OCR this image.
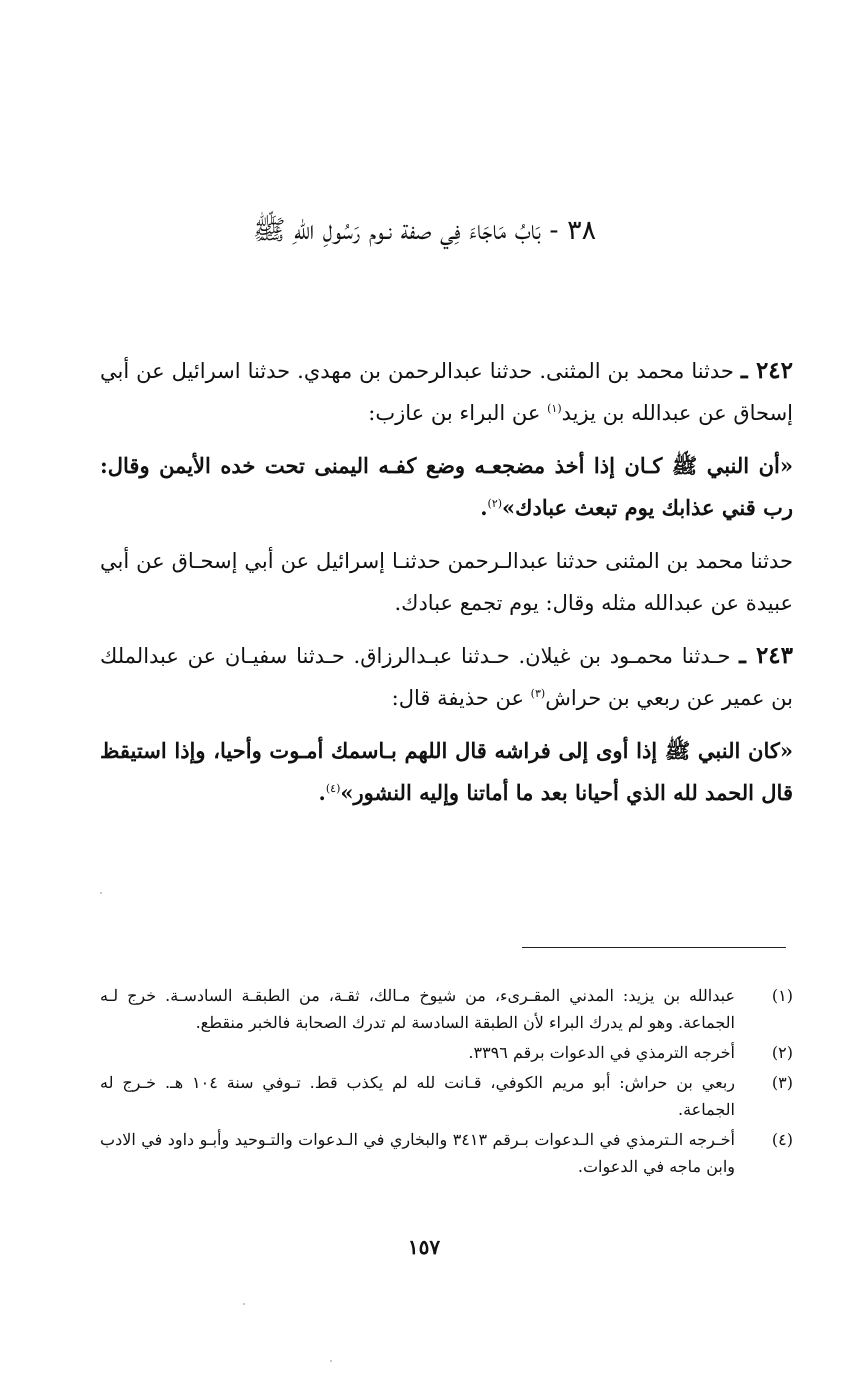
٣٨ - بَابُ مَاجَاءَ فِي صفة نـوم رَسُولِ اللّهِ ﷺ

٢٤٢ ـ حدثنا محمد بن المثنى. حدثنا عبدالرحمن بن مهدي. حدثنا اسرائيل عن أبي إسحاق عن عبدالله بن يزيد$^{(١)}$ عن البراء بن عازب:

«أن النبي ﷺ كـان إذا أخذ مضجعـه وضع كفـه اليمنى تحت خده الأيمن وقال: رب قني عذابك يوم تبعث عبادك»$^{(٢)}$.

حدثنا محمد بن المثنى حدثنا عبدالـرحمن حدثنـا إسرائيل عن أبي إسحـاق عن أبي عبيدة عن عبدالله مثله وقال: يوم تجمع عبادك.

٢٤٣ ـ حـدثنا محمـود بن غيلان. حـدثنا عبـدالرزاق. حـدثنا سفيـان عن عبدالملك بن عمير عن ربعي بن حراش$^{(٣)}$ عن حذيفة قال:

«كان النبي ﷺ إذا أوى إلى فراشه قال اللهم بـاسمك أمـوت وأحيا، وإذا استيقظ قال الحمد لله الذي أحيانا بعد ما أماتنا وإليه النشور»$^{(٤)}$.

(١)
عبدالله بن يزيد: المدني المقـرىء، من شيوخ مـالك، ثقـة، من الطبقـة السادسـة. خرج لـه الجماعة. وهو لم يدرك البراء لأن الطبقة السادسة لم تدرك الصحابة فالخبر منقطع.
(٢)
أخرجه الترمذي في الدعوات برقم ٣٣٩٦.
(٣)
ربعي بن حراش: أبو مريم الكوفي، قـانت لله لم يكذب قط. تـوفي سنة ١٠٤ هـ. خـرج له الجماعة.
(٤)
أخـرجه الـترمذي في الـدعوات بـرقم ٣٤١٣ والبخاري في الـدعوات والتـوحيد وأبـو داود في الادب وابن ماجه في الدعوات.
١٥٧
